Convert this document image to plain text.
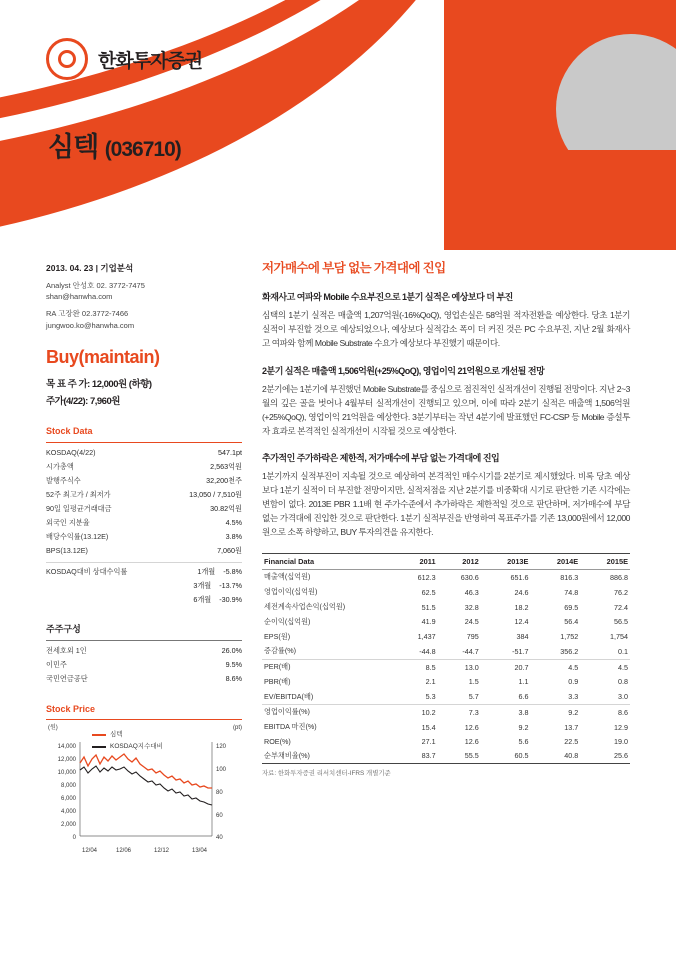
한화투자증권
심텍 (036710)
2013. 04. 23 | 기업분석
Analyst 안성호 02. 3772-7475
shan@hanwha.com
RA 고장완 02.3772-7466
jungwoo.ko@hanwha.com
Buy(maintain)
목 표 주 가: 12,000원 (하향)
주가(4/22): 7,960원
Stock Data
KOSDAQ(4/22)	547.1pt
시가총액	2,563억원
발행주식수	32,200천주
52주 최고가 / 최저가	13,050 / 7,510원
90일 일평균거래대금	30.82억원
외국인 지분율	4.5%
배당수익률(13.12E)	3.8%
BPS(13.12E)	7,060원

KOSDAQ대비 상대수익률	1개월 -5.8%
	3개월 -13.7%
	6개월 -30.9%
주주구성
전세호외 1인	26.0%
이민주	9.5%
국민연금공단	8.6%
Stock Price
(원)	(pt)
심텍
KOSDAQ지수대비
14,000
12,000
10,000
8,000
6,000
4,000
2,000
0
120
100
80
60
40
12/04	12/06	12/12	13/04
저가매수에 부담 없는 가격대에 진입
화재사고 여파와 Mobile 수요부진으로 1분기 실적은 예상보다 더 부진
심택의 1분기 실적은 매출액 1,207억원(-16%QoQ), 영업손실은 58억원 적자전환을 예상한다. 당초 1분기 실적이 부진할 것으로 예상되었으나, 예상보다 실적감소 폭이 더 커진 것은 PC 수요부진, 지난 2월 화재사고 여파와 함께 Mobile Substrate 수요가 예상보다 부진했기 때문이다.
2분기 실적은 매출액 1,506억원(+25%QoQ), 영업이익 21억원으로 개선될 전망
2분기에는 1분기에 부진했던 Mobile Substrate를 중심으로 점진적인 실적개선이 진행될 전망이다. 지난 2~3월의 깊은 골을 벗어나 4월부터 실적개선이 진행되고 있으며, 이에 따라 2분기 실적은 매출액 1,506억원(+25%QoQ), 영업이익 21억원을 예상한다. 3분기부터는 작년 4분기에 발표했던 FC-CSP 등 Mobile 증설투자 효과로 본격적인 실적개선이 시작될 것으로 예상한다.
추가적인 주가하락은 제한적, 저가매수에 부담 없는 가격대에 진입
1분기까지 실적부진이 지속될 것으로 예상하여 본격적인 매수시기를 2분기로 제시했었다. 비록 당초 예상보다 1분기 실적이 더 부진할 전망이지만, 실적저점을 지난 2분기를 비중확대 시기로 판단한 기존 시각에는 변함이 없다. 2013E PBR 1.1배 현 주가수준에서 추가하락은 제한적일 것으로 판단하며, 저가매수에 부담 없는 가격대에 진입한 것으로 판단한다. 1분기 실적부진을 반영하여 목표주가를 기존 13,000원에서 12,000원으로 소폭 하향하고, BUY 투자의견을 유지한다.
Financial Data	2011	2012	2013E	2014E	2015E
매출액(십억원)	612.3	630.6	651.6	816.3	886.8
영업이익(십억원)	62.5	46.3	24.6	74.8	76.2
세전계속사업손익(십억원)	51.5	32.8	18.2	69.5	72.4
순이익(십억원)	41.9	24.5	12.4	56.4	56.5
EPS(원)	1,437	795	384	1,752	1,754
증감률(%)	-44.8	-44.7	-51.7	356.2	0.1
PER(배)	8.5	13.0	20.7	4.5	4.5
PBR(배)	2.1	1.5	1.1	0.9	0.8
EV/EBITDA(배)	5.3	5.7	6.6	3.3	3.0
영업이익률(%)	10.2	7.3	3.8	9.2	8.6
EBITDA 마진(%)	15.4	12.6	9.2	13.7	12.9
ROE(%)	27.1	12.6	5.6	22.5	19.0
순부채비율(%)	83.7	55.5	60.5	40.8	25.6
자료: 한화투자증권 리서치센터-IFRS 개별기준
